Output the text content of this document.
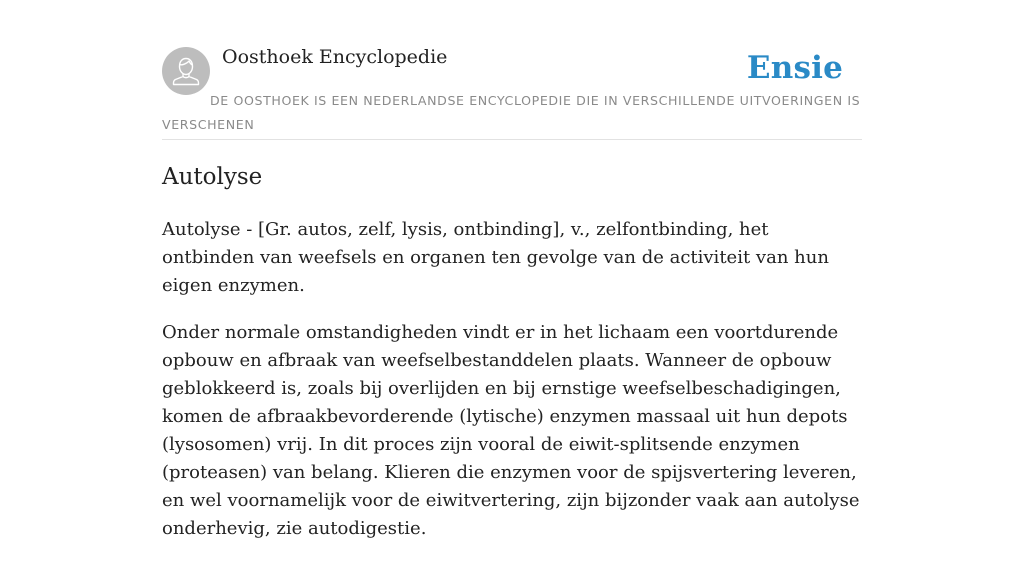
Oosthoek Encyclopedie	Ensie
DE OOSTHOEK IS EEN NEDERLANDSE ENCYCLOPEDIE DIE IN VERSCHILLENDE UITVOERINGEN IS VERSCHENEN
Autolyse

Autolyse - [Gr. autos, zelf, lysis, ontbinding], v., zelfontbinding, het ontbinden van weefsels en organen ten gevolge van de activiteit van hun eigen enzymen.

Onder normale omstandigheden vindt er in het lichaam een voortdurende opbouw en afbraak van weefselbestanddelen plaats. Wanneer de opbouw geblokkeerd is, zoals bij overlijden en bij ernstige weefselbeschadigingen, komen de afbraakbevorderende (lytische) enzymen massaal uit hun depots (lysosomen) vrij. In dit proces zijn vooral de eiwit-splitsende enzymen (proteasen) van belang. Klieren die enzymen voor de spijsvertering leveren, en wel voornamelijk voor de eiwitvertering, zijn bijzonder vaak aan autolyse onderhevig, zie autodigestie.
